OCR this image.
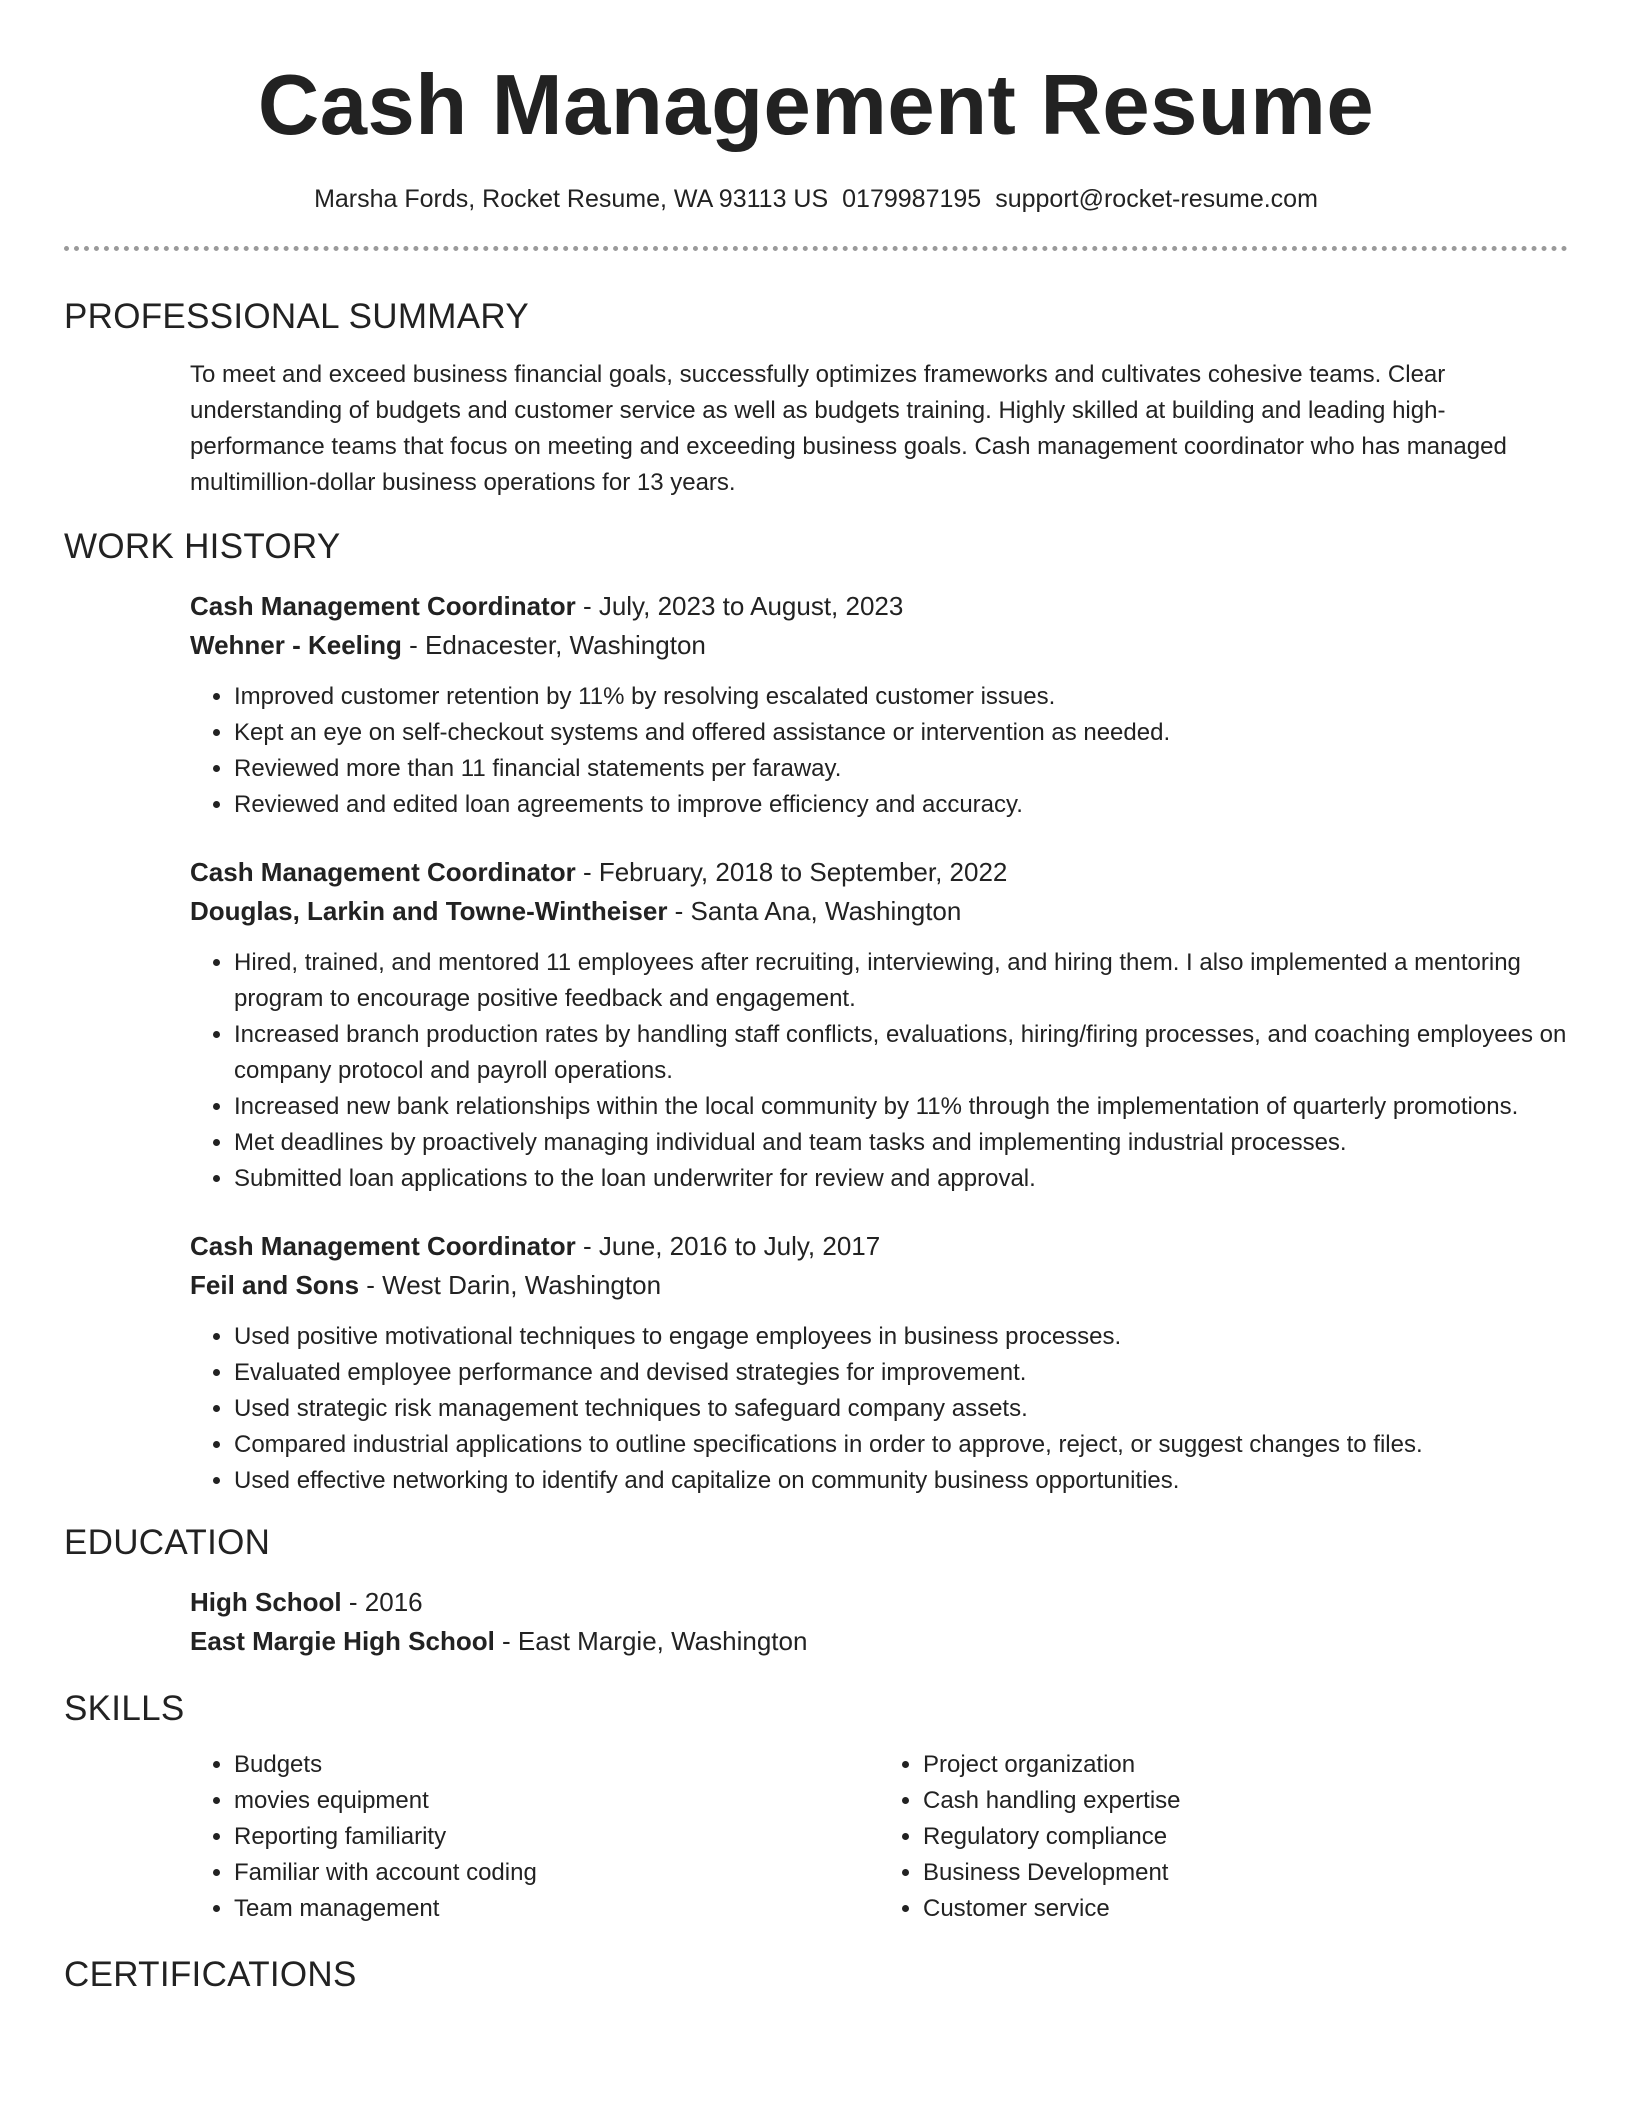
Cash Management Resume
Marsha Fords, Rocket Resume, WA 93113 US 0179987195 support@rocket-resume.com
PROFESSIONAL SUMMARY

To meet and exceed business financial goals, successfully optimizes frameworks and cultivates cohesive teams. Clear understanding of budgets and customer service as well as budgets training. Highly skilled at building and leading high-performance teams that focus on meeting and exceeding business goals. Cash management coordinator who has managed multimillion-dollar business operations for 13 years.

WORK HISTORY
Cash Management Coordinator - July, 2023 to August, 2023
Wehner - Keeling - Ednacester, Washington
• Improved customer retention by 11% by resolving escalated customer issues.
• Kept an eye on self-checkout systems and offered assistance or intervention as needed.
• Reviewed more than 11 financial statements per faraway.
• Reviewed and edited loan agreements to improve efficiency and accuracy.
Cash Management Coordinator - February, 2018 to September, 2022
Douglas, Larkin and Towne-Wintheiser - Santa Ana, Washington
• Hired, trained, and mentored 11 employees after recruiting, interviewing, and hiring them. I also implemented a mentoring program to encourage positive feedback and engagement.
• Increased branch production rates by handling staff conflicts, evaluations, hiring/firing processes, and coaching employees on company protocol and payroll operations.
• Increased new bank relationships within the local community by 11% through the implementation of quarterly promotions.
• Met deadlines by proactively managing individual and team tasks and implementing industrial processes.
• Submitted loan applications to the loan underwriter for review and approval.
Cash Management Coordinator - June, 2016 to July, 2017
Feil and Sons - West Darin, Washington
• Used positive motivational techniques to engage employees in business processes.
• Evaluated employee performance and devised strategies for improvement.
• Used strategic risk management techniques to safeguard company assets.
• Compared industrial applications to outline specifications in order to approve, reject, or suggest changes to files.
• Used effective networking to identify and capitalize on community business opportunities.
EDUCATION
High School - 2016
East Margie High School - East Margie, Washington
SKILLS
• Budgets
• movies equipment
• Reporting familiarity
• Familiar with account coding
• Team management
• Project organization
• Cash handling expertise
• Regulatory compliance
• Business Development
• Customer service
CERTIFICATIONS
